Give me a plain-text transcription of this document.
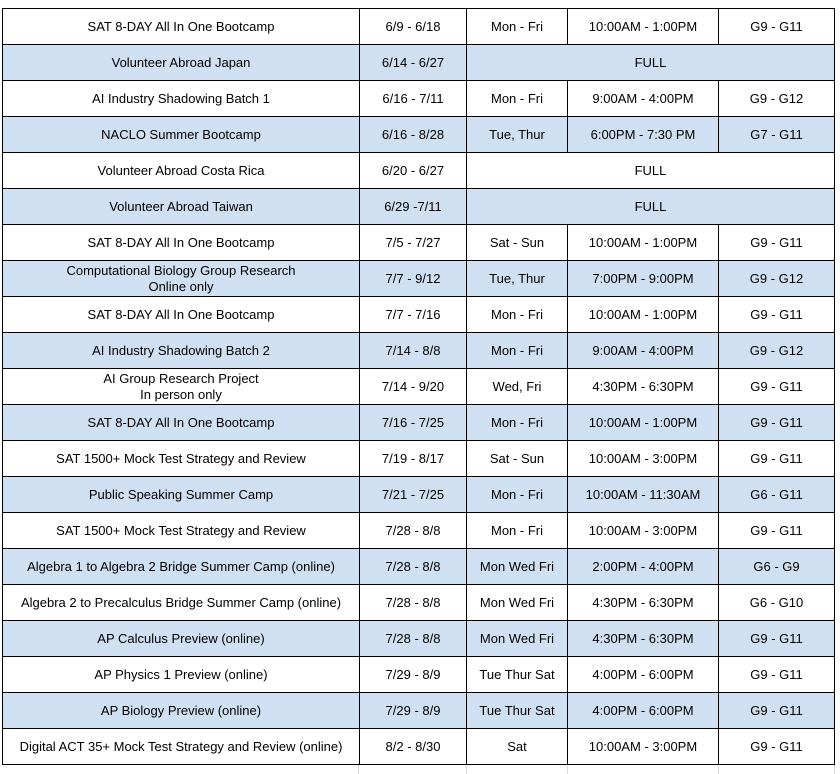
SAT 8-DAY All In One Bootcamp	6/9 - 6/18	Mon - Fri	10:00AM - 1:00PM	G9 - G11
Volunteer Abroad Japan	6/14 - 6/27	FULL		
AI Industry Shadowing Batch 1	6/16 - 7/11	Mon - Fri	9:00AM - 4:00PM	G9 - G12
NACLO Summer Bootcamp	6/16 - 8/28	Tue, Thur	6:00PM - 7:30 PM	G7 - G11
Volunteer Abroad Costa Rica	6/20 - 6/27	FULL		
Volunteer Abroad Taiwan	6/29 -7/11	FULL		
SAT 8-DAY All In One Bootcamp	7/5 - 7/27	Sat - Sun	10:00AM - 1:00PM	G9 - G11

Computational Biology Group Research
Online only	7/7 - 9/12	Tue, Thur	7:00PM - 9:00PM	G9 - G12
SAT 8-DAY All In One Bootcamp	7/7 - 7/16	Mon - Fri	10:00AM - 1:00PM	G9 - G11
AI Industry Shadowing Batch 2	7/14 - 8/8	Mon - Fri	9:00AM - 4:00PM	G9 - G12

AI Group Research Project
In person only	7/14 - 9/20	Wed, Fri	4:30PM - 6:30PM	G9 - G11
SAT 8-DAY All In One Bootcamp	7/16 - 7/25	Mon - Fri	10:00AM - 1:00PM	G9 - G11
SAT 1500+ Mock Test Strategy and Review	7/19 - 8/17	Sat - Sun	10:00AM - 3:00PM	G9 - G11
Public Speaking Summer Camp	7/21 - 7/25	Mon - Fri	10:00AM - 11:30AM	G6 - G11
SAT 1500+ Mock Test Strategy and Review	7/28 - 8/8	Mon - Fri	10:00AM - 3:00PM	G9 - G11
Algebra 1 to Algebra 2 Bridge Summer Camp (online)	7/28 - 8/8	Mon Wed Fri	2:00PM - 4:00PM	G6 - G9
Algebra 2 to Precalculus Bridge Summer Camp (online)	7/28 - 8/8	Mon Wed Fri	4:30PM - 6:30PM	G6 - G10
AP Calculus Preview (online)	7/28 - 8/8	Mon Wed Fri	4:30PM - 6:30PM	G9 - G11
AP Physics 1 Preview (online)	7/29 - 8/9	Tue Thur Sat	4:00PM - 6:00PM	G9 - G11
AP Biology Preview (online)	7/29 - 8/9	Tue Thur Sat	4:00PM - 6:00PM	G9 - G11
Digital ACT 35+ Mock Test Strategy and Review (online)	8/2 - 8/30	Sat	10:00AM - 3:00PM	G9 - G11
